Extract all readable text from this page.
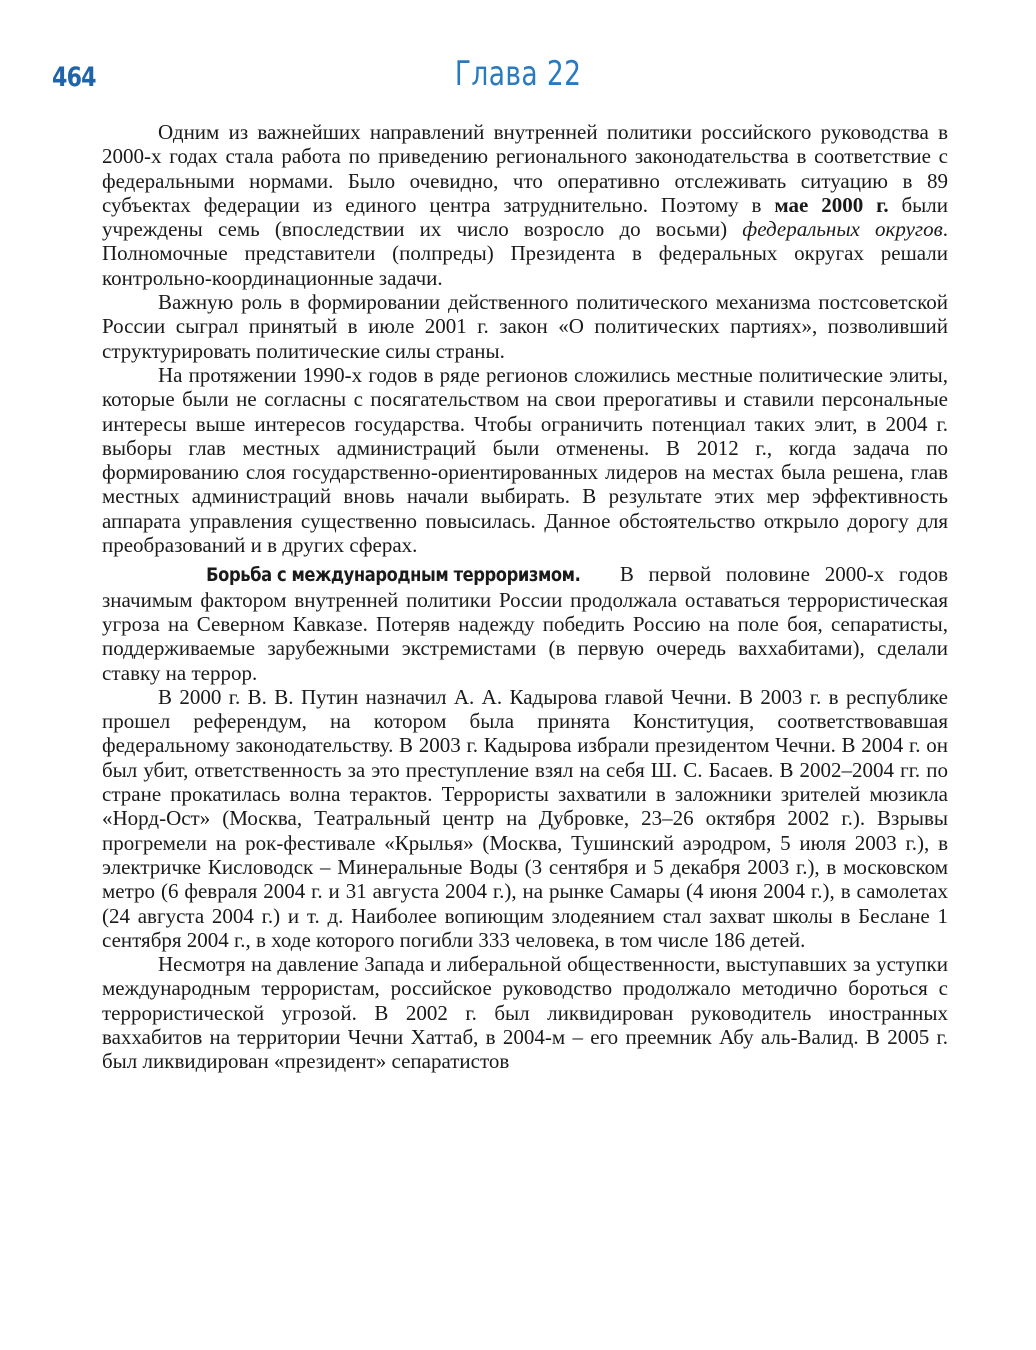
464	Глава 22

Одним из важнейших направлений внутренней политики российского руководства в 2000-х годах стала работа по приведению регионального законодательства в соответствие с федеральными нормами. Было очевидно, что оперативно отслеживать ситуацию в 89 субъектах федерации из единого центра затруднительно. Поэтому в мае 2000 г. были учреждены семь (впоследствии их число возросло до восьми) федеральных округов. Полномочные представители (полпреды) Президента в федеральных округах решали контрольно-координационные задачи.

Важную роль в формировании действенного политического механизма постсоветской России сыграл принятый в июле 2001 г. закон «О политических партиях», позволивший структурировать политические силы страны.

На протяжении 1990-х годов в ряде регионов сложились местные политические элиты, которые были не согласны с посягательством на свои прерогативы и ставили персональные интересы выше интересов государства. Чтобы ограничить потенциал таких элит, в 2004 г. выборы глав местных администраций были отменены. В 2012 г., когда задача по формированию слоя государственно-ориентированных лидеров на местах была решена, глав местных администраций вновь начали выбирать. В результате этих мер эффективность аппарата управления существенно повысилась. Данное обстоятельство открыло дорогу для преобразований и в других сферах.

Борьба с международным терроризмом. В первой половине 2000-х годов значимым фактором внутренней политики России продолжала оставаться террористическая угроза на Северном Кавказе. Потеряв надежду победить Россию на поле боя, сепаратисты, поддерживаемые зарубежными экстремистами (в первую очередь ваххабитами), сделали ставку на террор.

В 2000 г. В. В. Путин назначил А. А. Кадырова главой Чечни. В 2003 г. в республике прошел референдум, на котором была принята Конституция, соответствовавшая федеральному законодательству. В 2003 г. Кадырова избрали президентом Чечни. В 2004 г. он был убит, ответственность за это преступление взял на себя Ш. С. Басаев. В 2002–2004 гг. по стране прокатилась волна терактов. Террористы захватили в заложники зрителей мюзикла «Норд-Ост» (Москва, Театральный центр на Дубровке, 23–26 октября 2002 г.). Взрывы прогремели на рок-фестивале «Крылья» (Москва, Тушинский аэродром, 5 июля 2003 г.), в электричке Кисловодск – Минеральные Воды (3 сентября и 5 декабря 2003 г.), в московском метро (6 февраля 2004 г. и 31 августа 2004 г.), на рынке Самары (4 июня 2004 г.), в самолетах (24 августа 2004 г.) и т. д. Наиболее вопиющим злодеянием стал захват школы в Беслане 1 сентября 2004 г., в ходе которого погибли 333 человека, в том числе 186 детей.

Несмотря на давление Запада и либеральной общественности, выступавших за уступки международным террористам, российское руководство продолжало методично бороться с террористической угрозой. В 2002 г. был ликвидирован руководитель иностранных ваххабитов на территории Чечни Хаттаб, в 2004-м – его преемник Абу аль-Валид. В 2005 г. был ликвидирован «президент» сепаратистов
